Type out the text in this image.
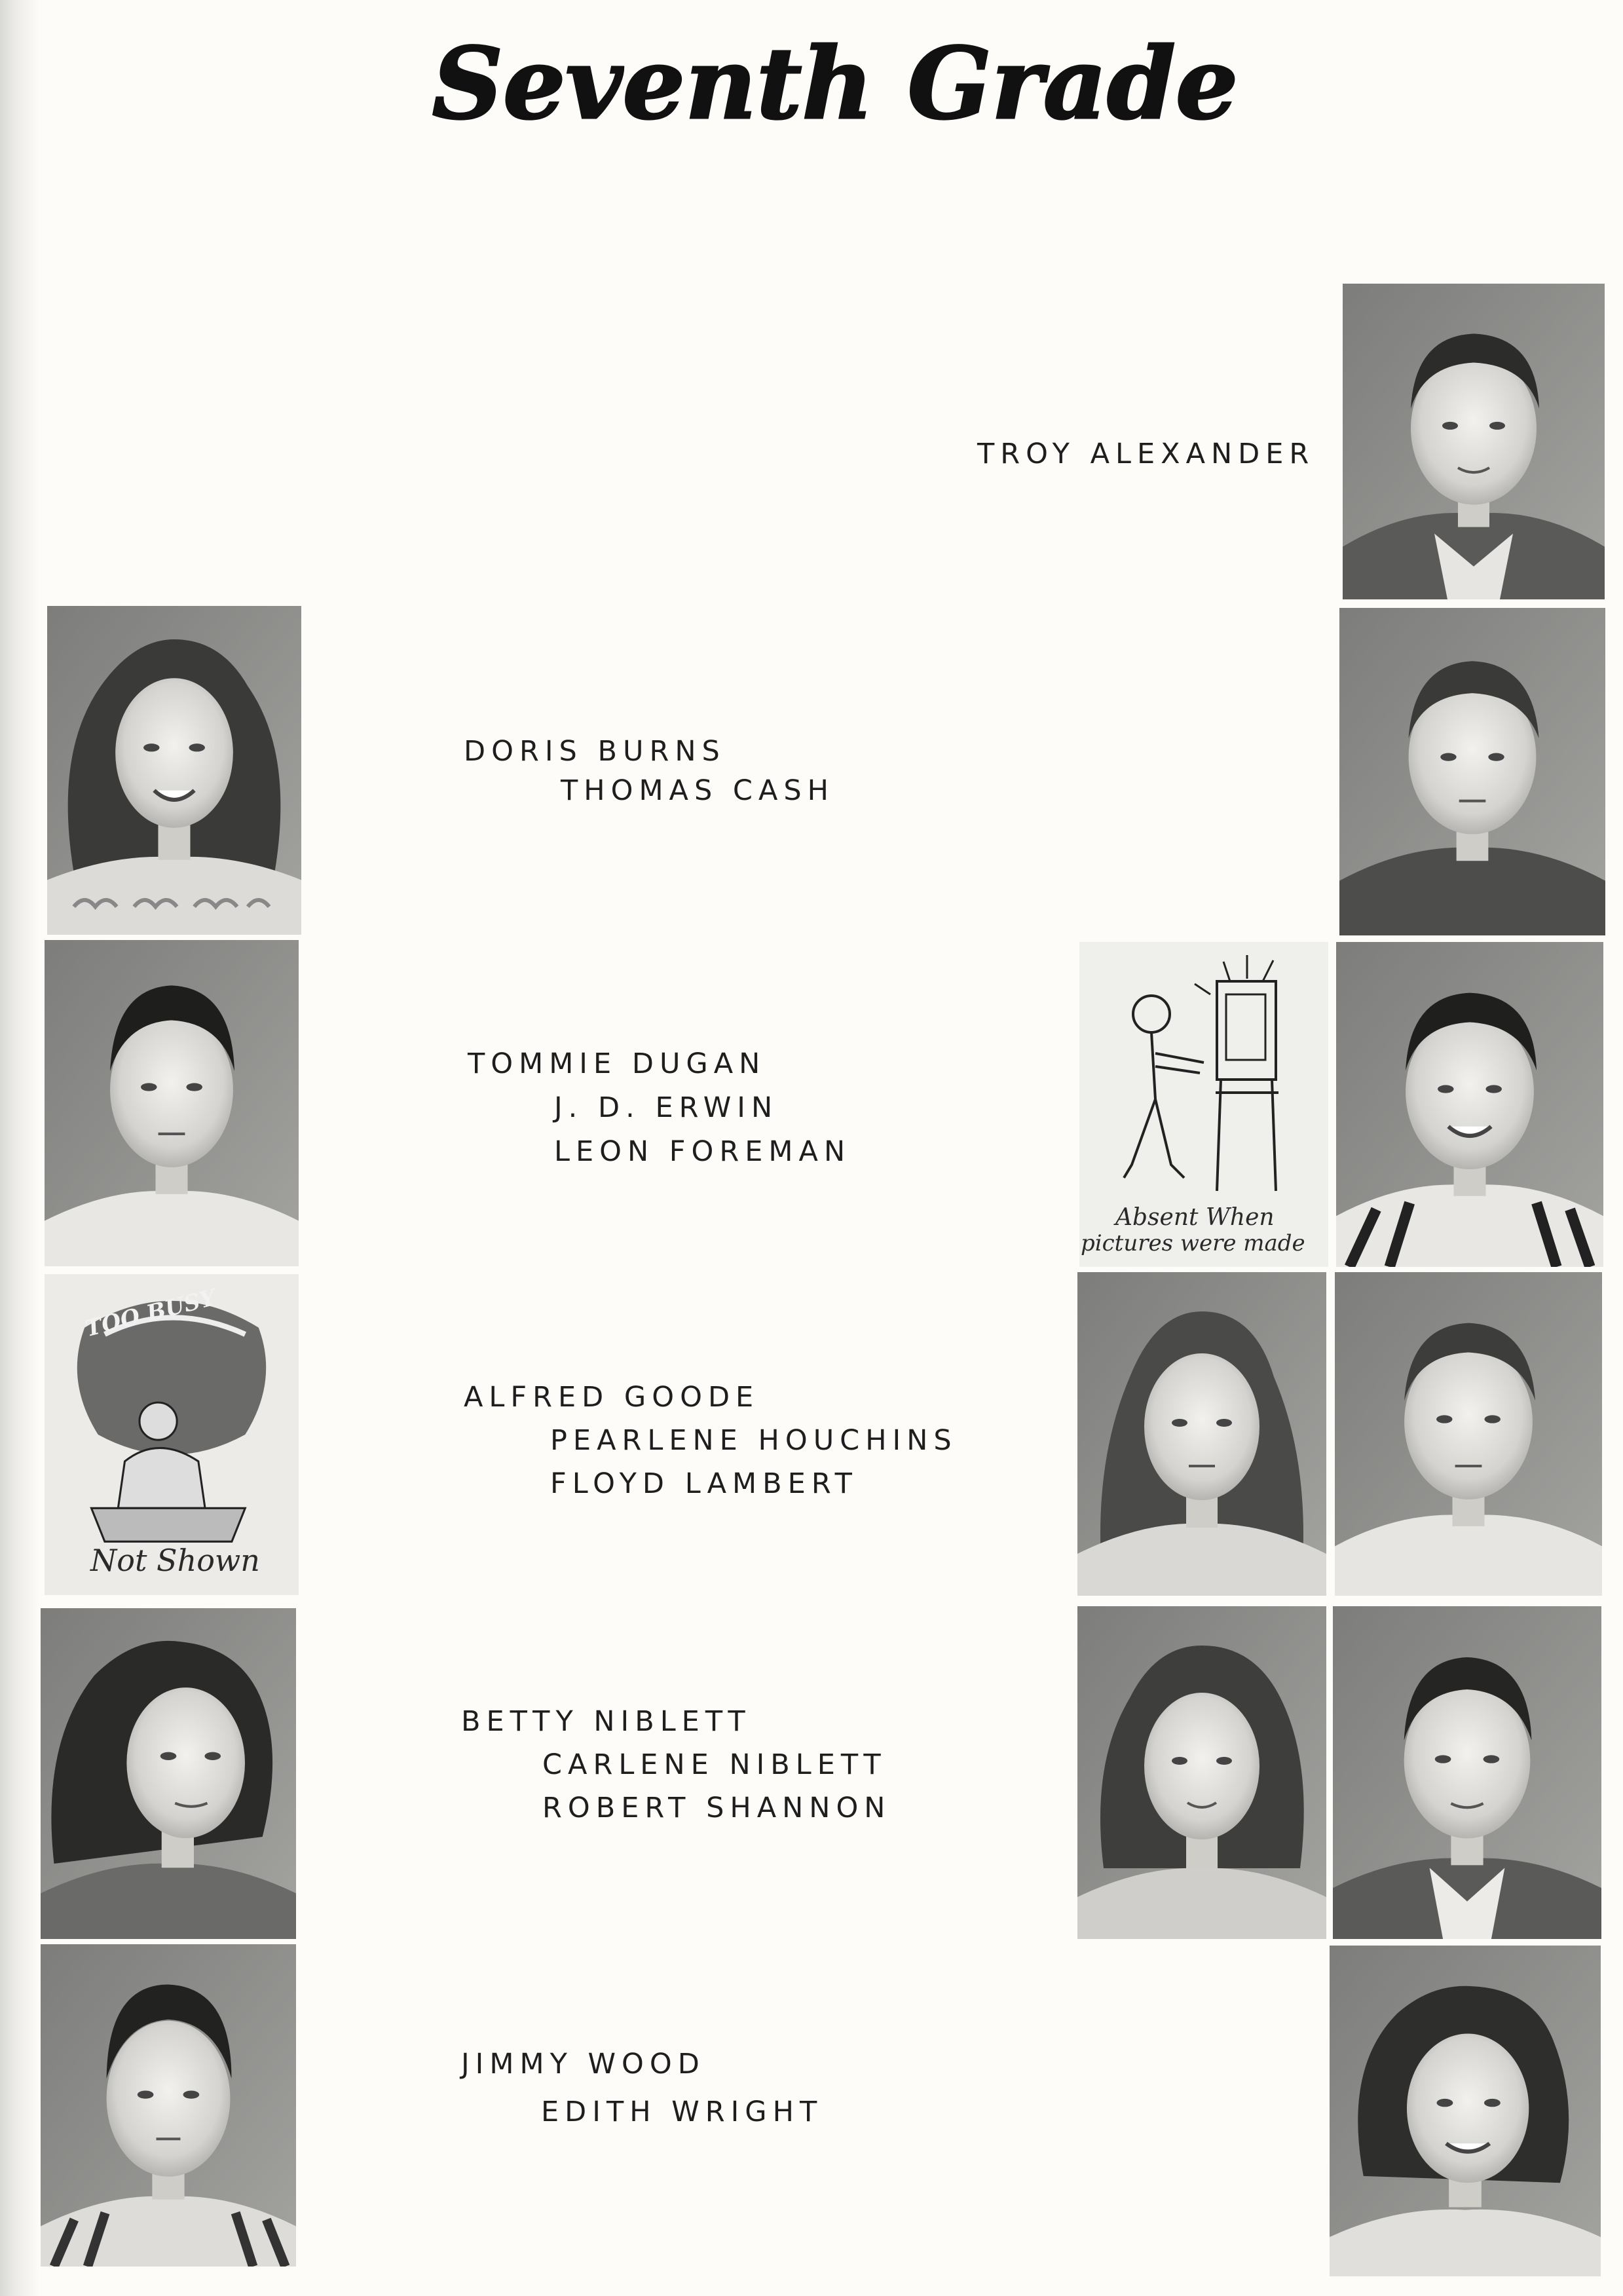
Seventh Grade
TROY ALEXANDER
DORIS BURNS
THOMAS CASH
TOMMIE DUGAN
J. D. ERWIN
LEON FOREMAN
ALFRED GOODE
PEARLENE HOUCHINS
FLOYD LAMBERT
BETTY NIBLETT
CARLENE NIBLETT
ROBERT SHANNON
JIMMY WOOD
EDITH WRIGHT
Absent When
pictures were made
TOO BUSY
Not Shown
